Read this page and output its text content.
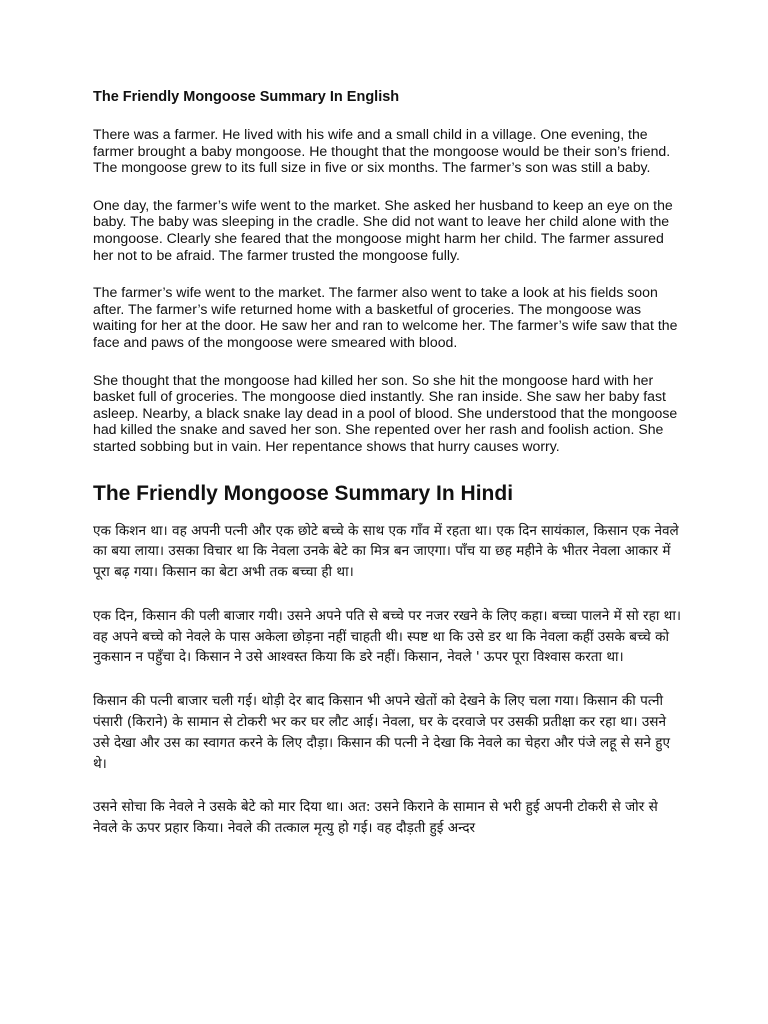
The Friendly Mongoose Summary In English

There was a farmer. He lived with his wife and a small child in a village. One evening, the farmer brought a baby mongoose. He thought that the mongoose would be their son’s friend. The mongoose grew to its full size in five or six months. The farmer’s son was still a baby.

One day, the farmer’s wife went to the market. She asked her husband to keep an eye on the baby. The baby was sleeping in the cradle. She did not want to leave her child alone with the mongoose. Clearly she feared that the mongoose might harm her child. The farmer assured her not to be afraid. The farmer trusted the mongoose fully.

The farmer’s wife went to the market. The farmer also went to take a look at his fields soon after. The farmer’s wife returned home with a basketful of groceries. The mongoose was waiting for her at the door. He saw her and ran to welcome her. The farmer’s wife saw that the face and paws of the mongoose were smeared with blood.

She thought that the mongoose had killed her son. So she hit the mongoose hard with her basket full of groceries. The mongoose died instantly. She ran inside. She saw her baby fast asleep. Nearby, a black snake lay dead in a pool of blood. She understood that the mongoose had killed the snake and saved her son. She repented over her rash and foolish action. She started sobbing but in vain. Her repentance shows that hurry causes worry.

The Friendly Mongoose Summary In Hindi

एक किशन था। वह अपनी पत्नी और एक छोटे बच्चे के साथ एक गाँव में रहता था। एक दिन सायंकाल, किसान एक नेवले का बया लाया। उसका विचार था कि नेवला उनके बेटे का मित्र बन जाएगा। पाँच या छह महीने के भीतर नेवला आकार में पूरा बढ़ गया। किसान का बेटा अभी तक बच्चा ही था।

एक दिन, किसान की पली बाजार गयी। उसने अपने पति से बच्चे पर नजर रखने के लिए कहा। बच्चा पालने में सो रहा था। वह अपने बच्चे को नेवले के पास अकेला छोड़ना नहीं चाहती थी। स्पष्ट था कि उसे डर था कि नेवला कहीं उसके बच्चे को नुकसान न पहुँचा दे। किसान ने उसे आश्वस्त किया कि डरे नहीं। किसान, नेवले ' ऊपर पूरा विश्वास करता था।

किसान की पत्नी बाजार चली गई। थोड़ी देर बाद किसान भी अपने खेतों को देखने के लिए चला गया। किसान की पत्नी पंसारी (किराने) के सामान से टोकरी भर कर घर लौट आई। नेवला, घर के दरवाजे पर उसकी प्रतीक्षा कर रहा था। उसने उसे देखा और उस का स्वागत करने के लिए दौड़ा। किसान की पत्नी ने देखा कि नेवले का चेहरा और पंजे लहू से सने हुए थे।

उसने सोचा कि नेवले ने उसके बेटे को मार दिया था। अत: उसने किराने के सामान से भरी हुई अपनी टोकरी से जोर से नेवले के ऊपर प्रहार किया। नेवले की तत्काल मृत्यु हो गई। वह दौड़ती हुई अन्दर
